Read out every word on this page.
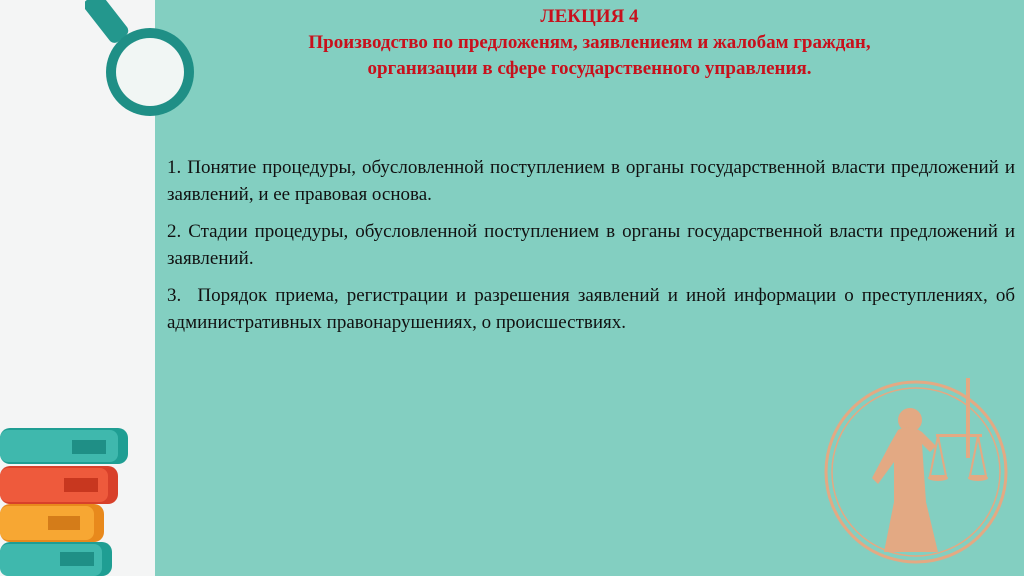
ЛЕКЦИЯ 4
Производство по предложеням, заявлениеям и жалобам граждан,
организации в сфере государственного управления.
1. Понятие процедуры, обусловленной поступлением в органы государственной власти предложений и заявлений, и ее правовая основа.
2. Стадии процедуры, обусловленной поступлением в органы государственной власти предложений и заявлений.
3. Порядок приема, регистрации и разрешения заявлений и иной информации о преступлениях, об административных правонарушениях, о происшествиях.
